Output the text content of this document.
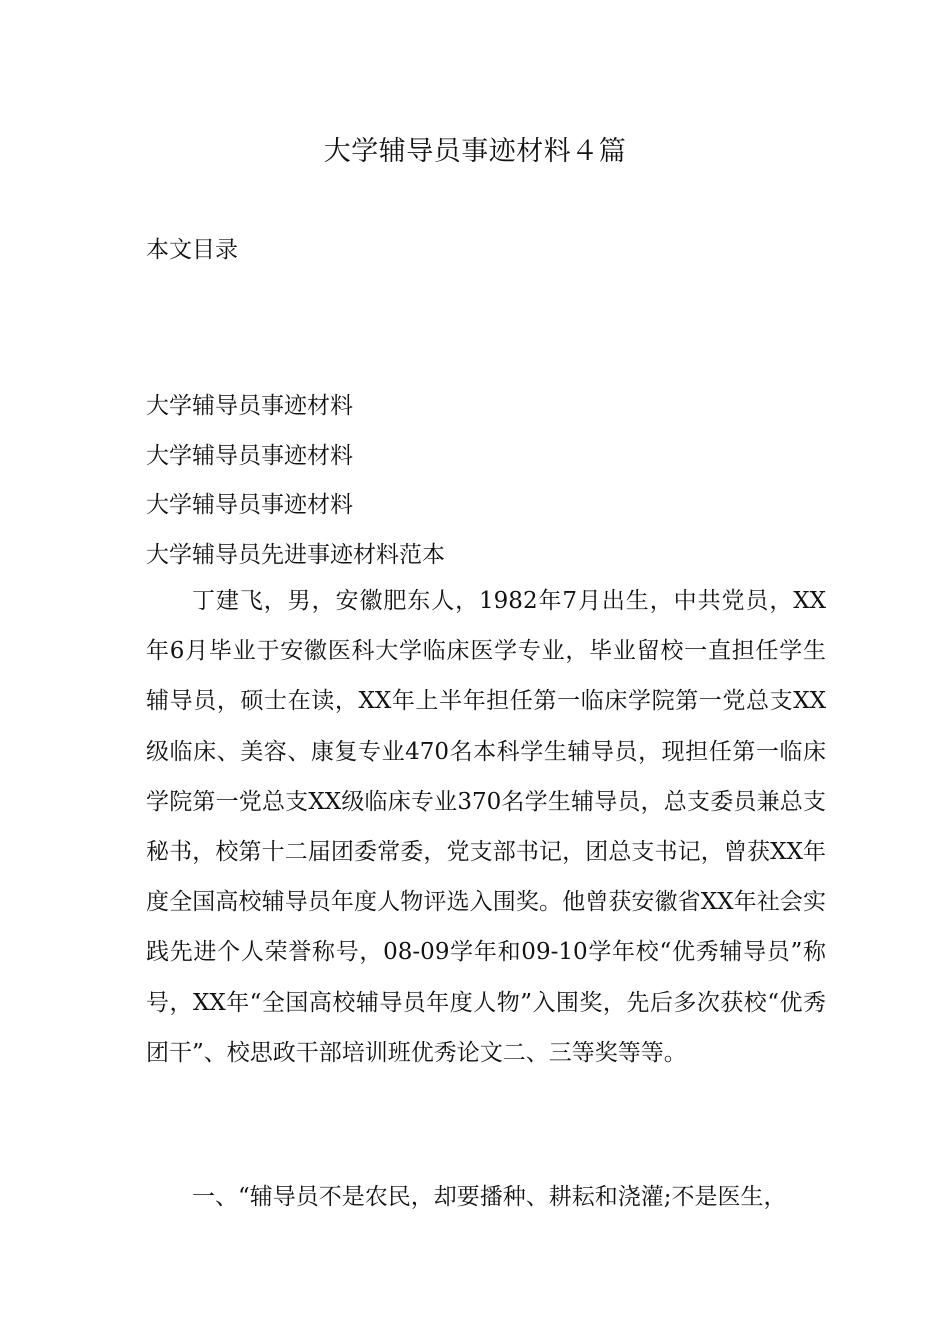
大学辅导员事迹材料４篇
本文目录
大学辅导员事迹材料
大学辅导员事迹材料
大学辅导员事迹材料
大学辅导员先进事迹材料范本

丁建飞，男，安徽肥东人，1982年7月出生，中共党员，XX年6月毕业于安徽医科大学临床医学专业，毕业留校一直担任学生辅导员，硕士在读，XX年上半年担任第一临床学院第一党总支XX级临床、美容、康复专业470名本科学生辅导员，现担任第一临床学院第一党总支XX级临床专业370名学生辅导员，总支委员兼总支秘书，校第十二届团委常委，党支部书记，团总支书记，曾获XX年度全国高校辅导员年度人物评选入围奖。他曾获安徽省XX年社会实践先进个人荣誉称号，08-09学年和09-10学年校“优秀辅导员”称号，XX年“全国高校辅导员年度人物”入围奖，先后多次获校“优秀团干”、校思政干部培训班优秀论文二、三等奖等等。

一、“辅导员不是农民，却要播种、耕耘和浇灌;不是医生，
